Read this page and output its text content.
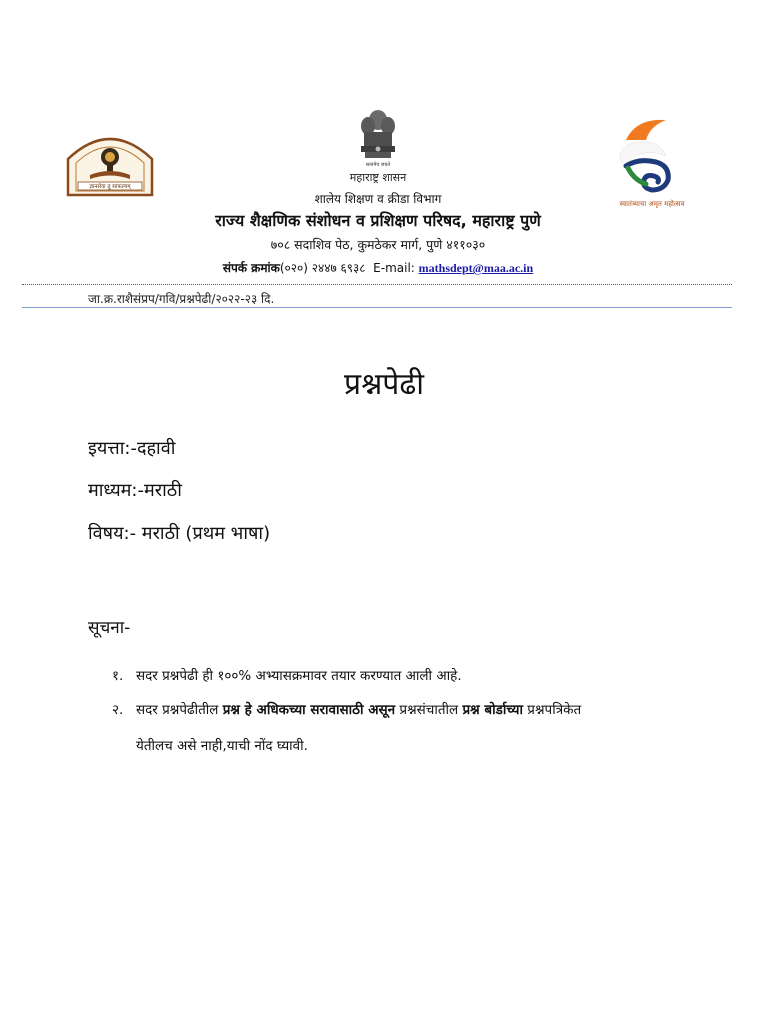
ज्ञानसेवा तु साफल्यम्
सत्यमेव जयते
स्वातंत्र्याचा अमृत महोत्सव
महाराष्ट्र शासन
शालेय शिक्षण व क्रीडा विभाग
राज्य शैक्षणिक संशोधन व प्रशिक्षण परिषद, महाराष्ट्र पुणे
७०८ सदाशिव पेठ, कुमठेकर मार्ग, पुणे ४११०३०
संपर्क क्रमांक(०२०) २४४७ ६९३८ E-mail: mathsdept@maa.ac.in
जा.क्र.राशैसंप्रप/गवि/प्रश्नपेढी/२०२२-२३ दि.
प्रश्नपेढी
इयत्ता:-दहावी
माध्यम:-मराठी
विषय:- मराठी (प्रथम भाषा)
सूचना-
१. सदर प्रश्नपेढी ही १००% अभ्यासक्रमावर तयार करण्यात आली आहे.
२. सदर प्रश्नपेढीतील प्रश्न हे अधिकच्या सरावासाठी असून प्रश्नसंचातील प्रश्न बोर्डाच्या प्रश्नपत्रिकेत
येतीलच असे नाही,याची नोंद घ्यावी.
